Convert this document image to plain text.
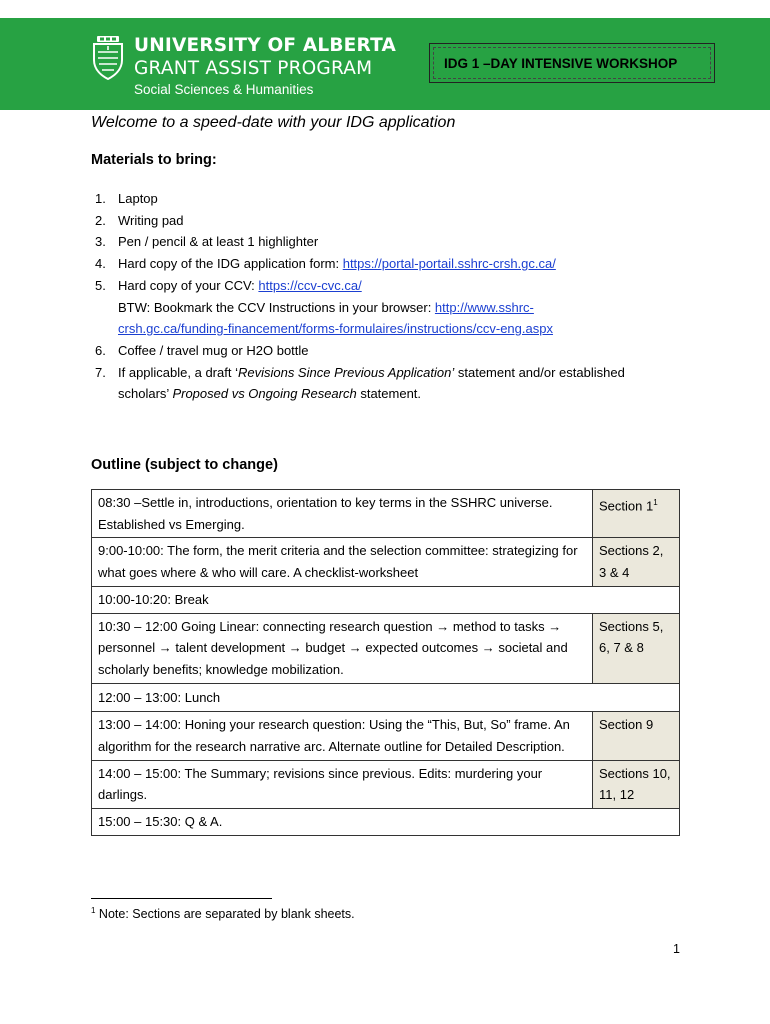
UNIVERSITY OF ALBERTA
GRANT ASSIST PROGRAM
Social Sciences & Humanities
IDG 1 –DAY INTENSIVE WORKSHOP
Welcome to a speed-date with your IDG application
Materials to bring:
1. Laptop
2. Writing pad
3. Pen / pencil & at least 1 highlighter
4. Hard copy of the IDG application form: https://portal-portail.sshrc-crsh.gc.ca/
5. Hard copy of your CCV: https://ccv-cvc.ca/
BTW: Bookmark the CCV Instructions in your browser: http://www.sshrc-
crsh.gc.ca/funding-financement/forms-formulaires/instructions/ccv-eng.aspx
6. Coffee / travel mug or H2O bottle
7. If applicable, a draft ‘Revisions Since Previous Application’ statement and/or established
scholars’ Proposed vs Ongoing Research statement.
Outline (subject to change)
08:30 –Settle in, introductions, orientation to key terms in the SSHRC universe. Established vs Emerging.	Section $1^1$
9:00-10:00: The form, the merit criteria and the selection committee: strategizing for what goes where & who will care. A checklist-worksheet	Sections 2, 3 & 4
10:00-10:20: Break	
10:30 – 12:00 Going Linear: connecting research question → method to tasks → personnel → talent development → budget → expected outcomes → societal and scholarly benefits; knowledge mobilization.	Sections 5, 6, 7 & 8
12:00 – 13:00: Lunch	
13:00 – 14:00: Honing your research question: Using the “This, But, So” frame. An algorithm for the research narrative arc. Alternate outline for Detailed Description.	Section 9
14:00 – 15:00: The Summary; revisions since previous. Edits: murdering your darlings.	Sections 10, 11, 12
15:00 – 15:30: Q & A.	
$^1$ Note: Sections are separated by blank sheets.
1
